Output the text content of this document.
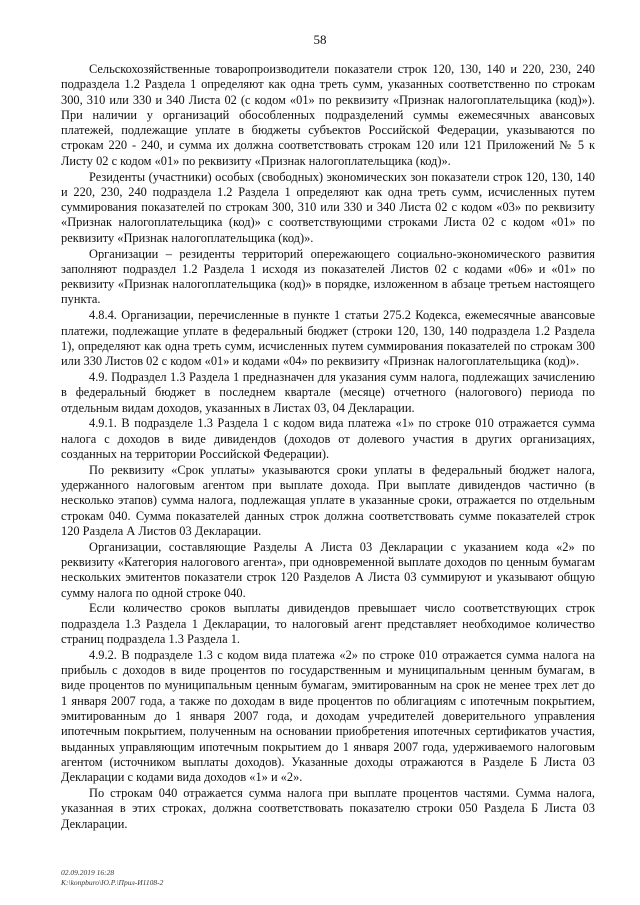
58

Сельскохозяйственные товаропроизводители показатели строк 120, 130, 140 и 220, 230, 240 подраздела 1.2 Раздела 1 определяют как одна треть сумм, указанных соответственно по строкам 300, 310 или 330 и 340 Листа 02 (с кодом «01» по реквизиту «Признак налогоплательщика (код)»). При наличии у организаций обособленных подразделений суммы ежемесячных авансовых платежей, подлежащие уплате в бюджеты субъектов Российской Федерации, указываются по строкам 220 - 240, и сумма их должна соответствовать строкам 120 или 121 Приложений № 5 к Листу 02 с кодом «01» по реквизиту «Признак налогоплательщика (код)».

Резиденты (участники) особых (свободных) экономических зон показатели строк 120, 130, 140 и 220, 230, 240 подраздела 1.2 Раздела 1 определяют как одна треть сумм, исчисленных путем суммирования показателей по строкам 300, 310 или 330 и 340 Листа 02 с кодом «03» по реквизиту «Признак налогоплательщика (код)» с соответствующими строками Листа 02 с кодом «01» по реквизиту «Признак налогоплательщика (код)».

Организации – резиденты территорий опережающего социально-экономического развития заполняют подраздел 1.2 Раздела 1 исходя из показателей Листов 02 с кодами «06» и «01» по реквизиту «Признак налогоплательщика (код)» в порядке, изложенном в абзаце третьем настоящего пункта.

4.8.4. Организации, перечисленные в пункте 1 статьи 275.2 Кодекса, ежемесячные авансовые платежи, подлежащие уплате в федеральный бюджет (строки 120, 130, 140 подраздела 1.2 Раздела 1), определяют как одна треть сумм, исчисленных путем суммирования показателей по строкам 300 или 330 Листов 02 с кодом «01» и кодами «04» по реквизиту «Признак налогоплательщика (код)».

4.9. Подраздел 1.3 Раздела 1 предназначен для указания сумм налога, подлежащих зачислению в федеральный бюджет в последнем квартале (месяце) отчетного (налогового) периода по отдельным видам доходов, указанных в Листах 03, 04 Декларации.

4.9.1. В подразделе 1.3 Раздела 1 с кодом вида платежа «1» по строке 010 отражается сумма налога с доходов в виде дивидендов (доходов от долевого участия в других организациях, созданных на территории Российской Федерации).

По реквизиту «Срок уплаты» указываются сроки уплаты в федеральный бюджет налога, удержанного налоговым агентом при выплате дохода. При выплате дивидендов частично (в несколько этапов) сумма налога, подлежащая уплате в указанные сроки, отражается по отдельным строкам 040. Сумма показателей данных строк должна соответствовать сумме показателей строк 120 Раздела А Листов 03 Декларации.

Организации, составляющие Разделы А Листа 03 Декларации с указанием кода «2» по реквизиту «Категория налогового агента», при одновременной выплате доходов по ценным бумагам нескольких эмитентов показатели строк 120 Разделов А Листа 03 суммируют и указывают общую сумму налога по одной строке 040.

Если количество сроков выплаты дивидендов превышает число соответствующих строк подраздела 1.3 Раздела 1 Декларации, то налоговый агент представляет необходимое количество страниц подраздела 1.3 Раздела 1.

4.9.2. В подразделе 1.3 с кодом вида платежа «2» по строке 010 отражается сумма налога на прибыль с доходов в виде процентов по государственным и муниципальным ценным бумагам, в виде процентов по муниципальным ценным бумагам, эмитированным на срок не менее трех лет до 1 января 2007 года, а также по доходам в виде процентов по облигациям с ипотечным покрытием, эмитированным до 1 января 2007 года, и доходам учредителей доверительного управления ипотечным покрытием, полученным на основании приобретения ипотечных сертификатов участия, выданных управляющим ипотечным покрытием до 1 января 2007 года, удерживаемого налоговым агентом (источником выплаты доходов). Указанные доходы отражаются в Разделе Б Листа 03 Декларации с кодами вида доходов «1» и «2».

По строкам 040 отражается сумма налога при выплате процентов частями. Сумма налога, указанная в этих строках, должна соответствовать показателю строки 050 Раздела Б Листа 03 Декларации.

02.09.2019 16:28
K:\konpburo\Ю.Р.\Прил-И1108-2
